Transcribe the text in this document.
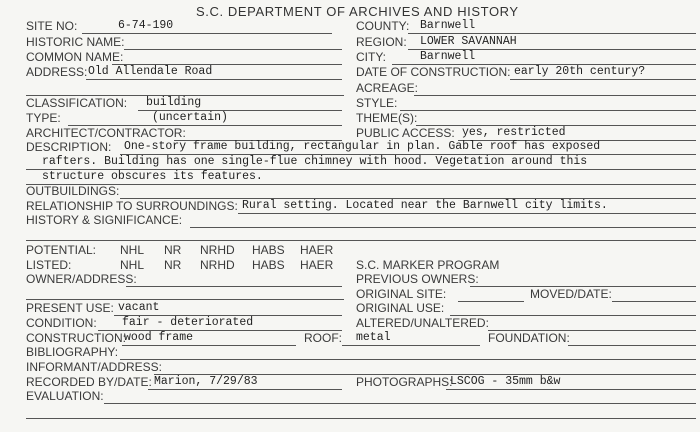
S.C. DEPARTMENT OF ARCHIVES AND HISTORY
SITE NO:	6-74-190	COUNTY: Barnwell
HISTORIC NAME:	REGION: LOWER SAVANNAH
COMMON NAME:	CITY:	Barnwell
ADDRESS: Old Allendale Road	DATE OF CONSTRUCTION: early 20th century?
ACREAGE:
CLASSIFICATION: building	STYLE:
TYPE:	(uncertain)	THEME(S):
ARCHITECT/CONTRACTOR:	PUBLIC ACCESS: yes, restricted
DESCRIPTION: One-story frame building, rectangular in plan. Gable roof has exposed
rafters. Building has one single-flue chimney with hood. Vegetation around this
structure obscures its features.
OUTBUILDINGS:
RELATIONSHIP TO SURROUNDINGS: Rural setting. Located near the Barnwell city limits.
HISTORY & SIGNIFICANCE:
POTENTIAL: NHL NR NRHD HABS HAER
LISTED:	NHL NR NRHD HABS HAER S.C. MARKER PROGRAM
OWNER/ADDRESS:	PREVIOUS OWNERS:
ORIGINAL SITE:	MOVED/DATE:
PRESENT USE: vacant	ORIGINAL USE:
CONDITION: fair - deteriorated	ALTERED/UNALTERED:
CONSTRUCTION:
wood frame	ROOF: metal	FOUNDATION:
BIBLIOGRAPHY:
INFORMANT/ADDRESS:
RECORDED BY/DATE: Marion, 7/29/83	PHOTOGRAPHS:
LSCOG - 35mm b&w
EVALUATION:
